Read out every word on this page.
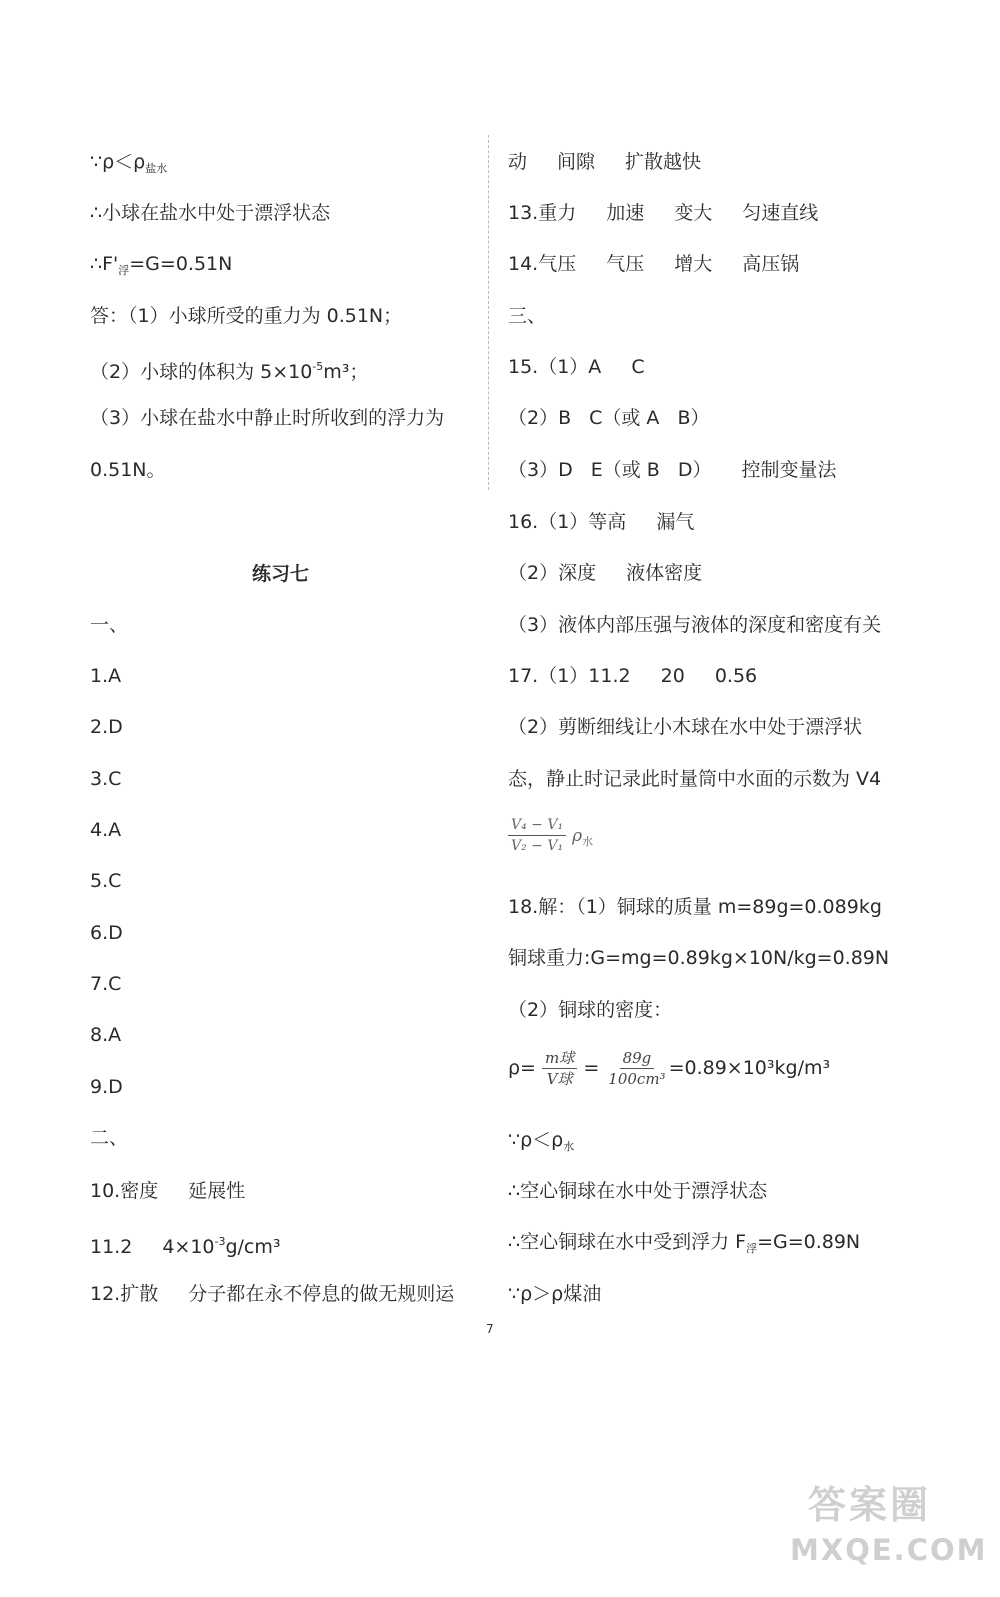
$\because\rho<\rho_{盐水}$
∴小球在盐水中处于漂浮状态
$\therefore F'_浮=G=0.51N$
答：（1）小球所受的重力为 0.51N；
（2）小球的体积为 $5\times 10^{-5}m^3$；
（3）小球在盐水中静止时所收到的浮力为
0.51N。
练习七
一、
1.A
2.D
3.C
4.A
5.C
6.D
7.C
8.A
9.D
二、
10.密度 延展性
11.2 $4\times 10^{-3}g$/cm³
12.扩散 分子都在永不停息的做无规则运
动 间隙 扩散越快
13.重力 加速 变大 匀速直线
14.气压 气压 增大 高压锅
三、
15.（1）A C
（2）B C（或 A B）
（3）D E（或 B D） 控制变量法
16.（1）等高 漏气
（2）深度 液体密度
（3）液体内部压强与液体的深度和密度有关
17.（1）11.2 20 0.56
（2）剪断细线让小木球在水中处于漂浮状
态，静止时记录此时量筒中水面的示数为 V4
$\frac{\text{V₄ − V₁}}{\text{V₂ − V₁}} \rho_水$
18.解：（1）铜球的质量 m=89g=0.089kg
铜球重力:G=mg=0.89kg×10N/kg=0.89N
（2）铜球的密度：
$\rho= \frac{\text{m球}}{\text{V球}} = \frac{89g}{\text{100cm³}} =0.89\times 10^3kg/m^3$
$\because\rho<\rho_水$
∴空心铜球在水中处于漂浮状态
∴空心铜球在水中受到浮力 $F_浮=G=0.89N$
∵ρ＞ρ煤油
7
答案圈
MXQE.COM
